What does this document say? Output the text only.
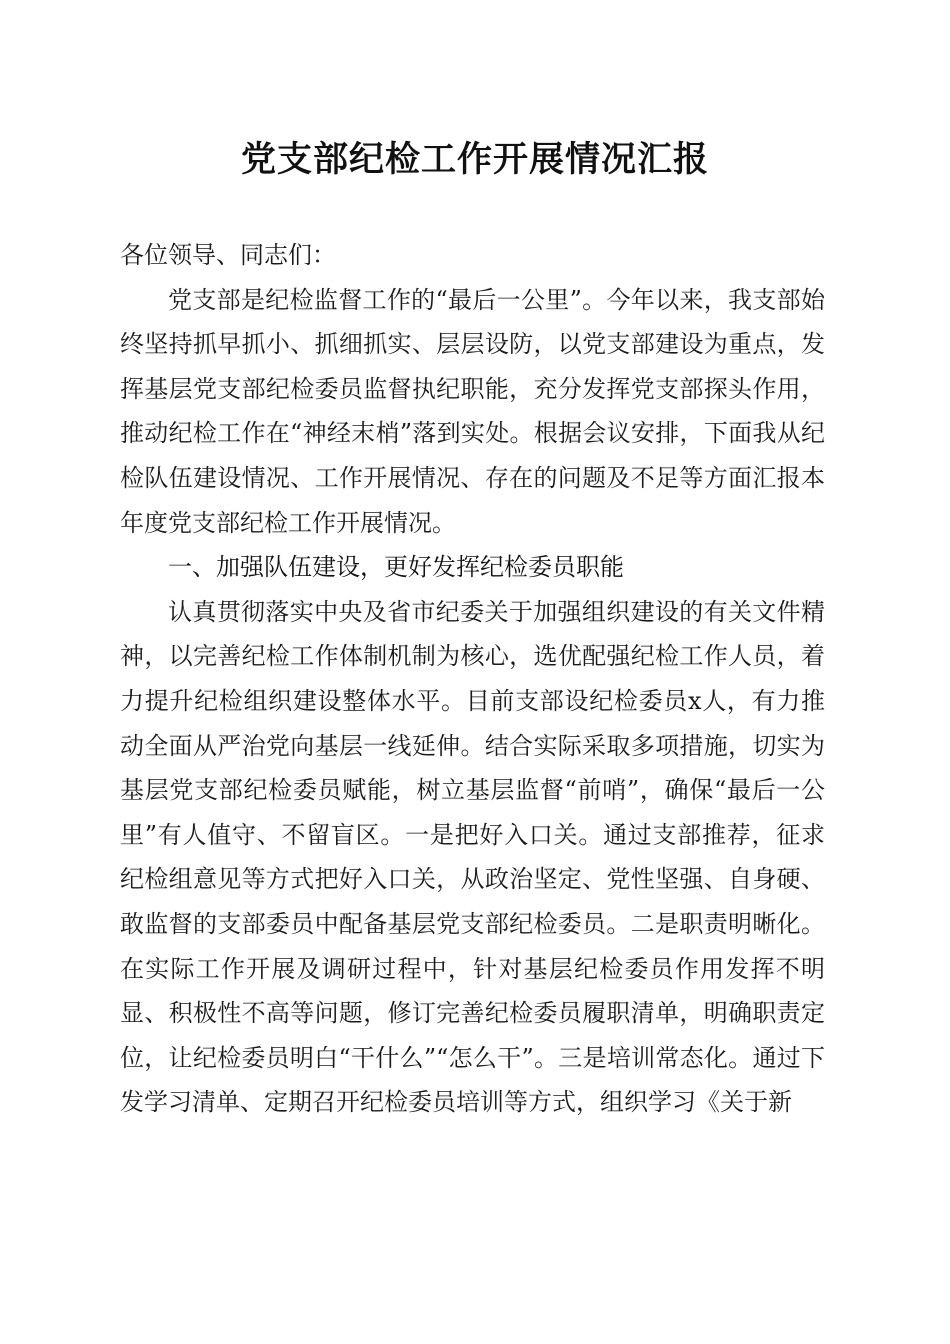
党支部纪检工作开展情况汇报

各位领导、同志们：

党支部是纪检监督工作的“最后一公里”。今年以来，我支部始终坚持抓早抓小、抓细抓实、层层设防，以党支部建设为重点，发挥基层党支部纪检委员监督执纪职能，充分发挥党支部探头作用，推动纪检工作在“神经末梢”落到实处。根据会议安排，下面我从纪检队伍建设情况、工作开展情况、存在的问题及不足等方面汇报本年度党支部纪检工作开展情况。

一、加强队伍建设，更好发挥纪检委员职能

认真贯彻落实中央及省市纪委关于加强组织建设的有关文件精神，以完善纪检工作体制机制为核心，选优配强纪检工作人员，着力提升纪检组织建设整体水平。目前支部设纪检委员x人，有力推动全面从严治党向基层一线延伸。结合实际采取多项措施，切实为基层党支部纪检委员赋能，树立基层监督“前哨”，确保“最后一公里”有人值守、不留盲区。一是把好入口关。通过支部推荐，征求纪检组意见等方式把好入口关，从政治坚定、党性坚强、自身硬、敢监督的支部委员中配备基层党支部纪检委员。二是职责明晰化。在实际工作开展及调研过程中，针对基层纪检委员作用发挥不明显、积极性不高等问题，修订完善纪检委员履职清单，明确职责定位，让纪检委员明白“干什么”“怎么干”。三是培训常态化。通过下发学习清单、定期召开纪检委员培训等方式，组织学习《关于新
